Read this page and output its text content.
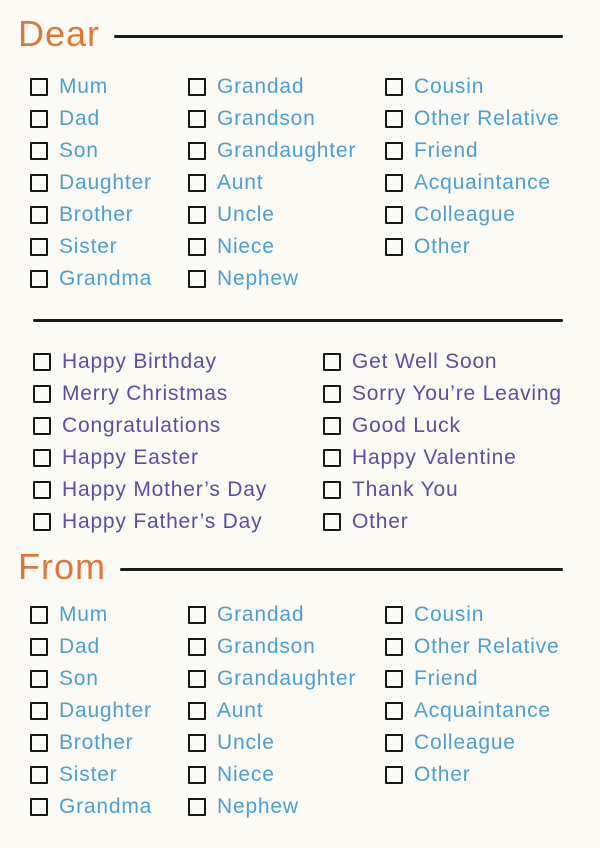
Dear
Mum
Dad
Son
Daughter
Brother
Sister
Grandma
Grandad
Grandson
Grandaughter
Aunt
Uncle
Niece
Nephew
Cousin
Other Relative
Friend
Acquaintance
Colleague
Other
Happy Birthday
Merry Christmas
Congratulations
Happy Easter
Happy Mother’s Day
Happy Father’s Day
Get Well Soon
Sorry You’re Leaving
Good Luck
Happy Valentine
Thank You
Other
From
Mum
Dad
Son
Daughter
Brother
Sister
Grandma
Grandad
Grandson
Grandaughter
Aunt
Uncle
Niece
Nephew
Cousin
Other Relative
Friend
Acquaintance
Colleague
Other
